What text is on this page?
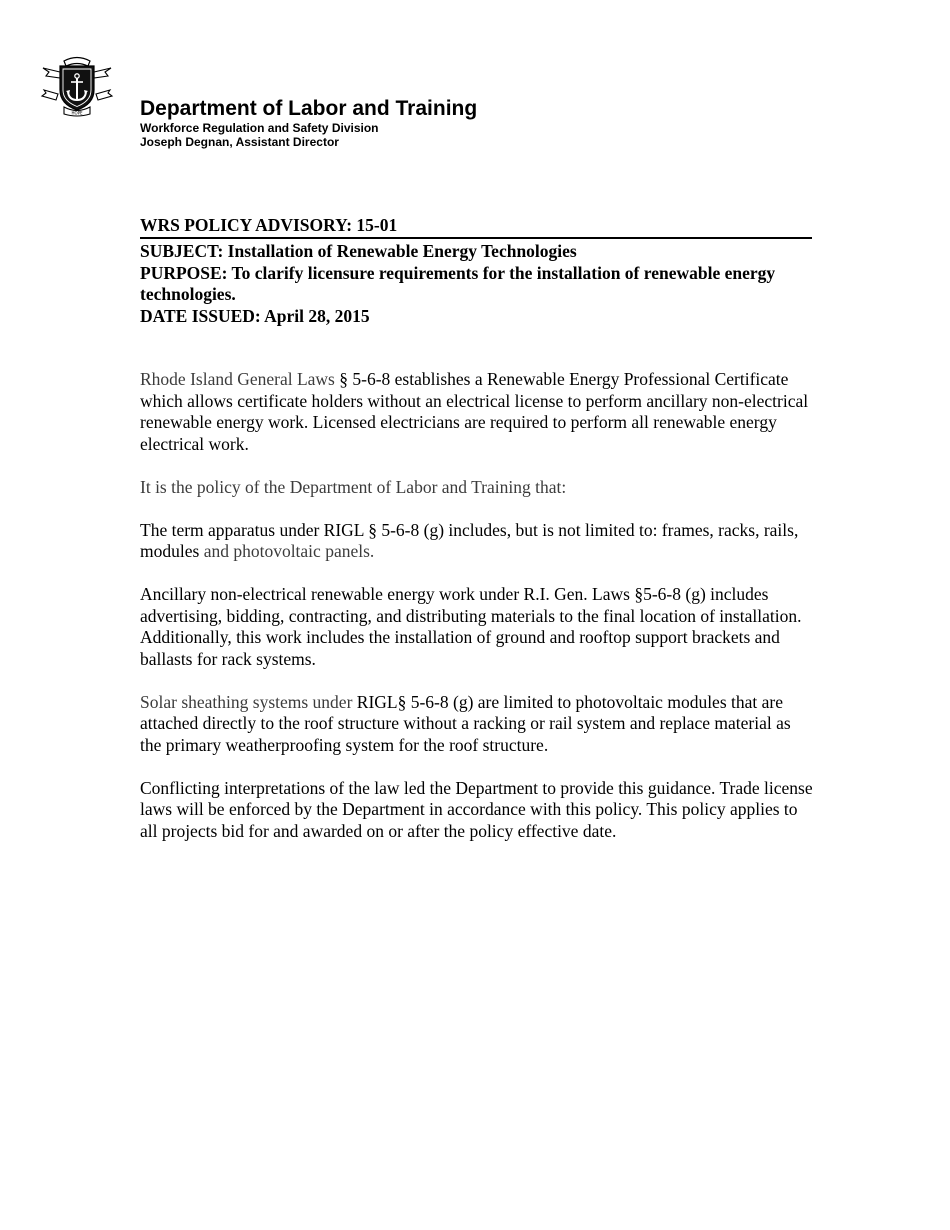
HOPE	Department of Labor and Training
Workforce Regulation and Safety Division
Joseph Degnan, Assistant Director
WRS POLICY ADVISORY: 15-01
SUBJECT: Installation of Renewable Energy Technologies
PURPOSE: To clarify licensure requirements for the installation of renewable energy technologies.
DATE ISSUED: April 28, 2015

Rhode Island General Laws § 5-6-8 establishes a Renewable Energy Professional Certificate which allows certificate holders without an electrical license to perform ancillary non-electrical renewable energy work. Licensed electricians are required to perform all renewable energy electrical work.

It is the policy of the Department of Labor and Training that:

The term apparatus under RIGL § 5-6-8 (g) includes, but is not limited to: frames, racks, rails, modules and photovoltaic panels.

Ancillary non-electrical renewable energy work under R.I. Gen. Laws §5-6-8 (g) includes advertising, bidding, contracting, and distributing materials to the final location of installation. Additionally, this work includes the installation of ground and rooftop support brackets and ballasts for rack systems.

Solar sheathing systems under RIGL§ 5-6-8 (g) are limited to photovoltaic modules that are attached directly to the roof structure without a racking or rail system and replace material as the primary weatherproofing system for the roof structure.

Conflicting interpretations of the law led the Department to provide this guidance. Trade license laws will be enforced by the Department in accordance with this policy. This policy applies to all projects bid for and awarded on or after the policy effective date.
